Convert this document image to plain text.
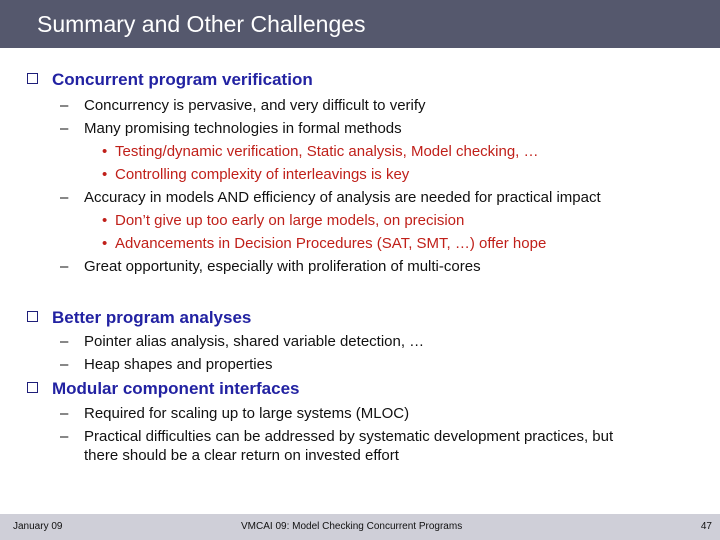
Summary and Other Challenges
Concurrent program verification
– Concurrency is pervasive, and very difficult to verify
– Many promising technologies in formal methods
• Testing/dynamic verification, Static analysis, Model checking, …
• Controlling complexity of interleavings is key
– Accuracy in models AND efficiency of analysis are needed for practical impact
• Don’t give up too early on large models, on precision
• Advancements in Decision Procedures (SAT, SMT, …) offer hope
– Great opportunity, especially with proliferation of multi-cores
Better program analyses
– Pointer alias analysis, shared variable detection, …
– Heap shapes and properties
Modular component interfaces
– Required for scaling up to large systems (MLOC)
– Practical difficulties can be addressed by systematic development practices, but
there should be a clear return on invested effort
January 09	VMCAI 09: Model Checking Concurrent Programs	47
